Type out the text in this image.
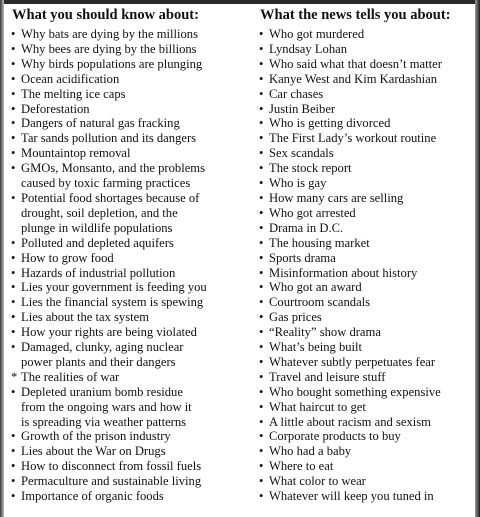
What you should know about:
• Why bats are dying by the millions
• Why bees are dying by the billions
• Why birds populations are plunging
• Ocean acidification
• The melting ice caps
• Deforestation
• Dangers of natural gas fracking
• Tar sands pollution and its dangers
• Mountaintop removal
• GMOs, Monsanto, and the problems
caused by toxic farming practices
• Potential food shortages because of
drought, soil depletion, and the
plunge in wildlife populations
• Polluted and depleted aquifers
• How to grow food
• Hazards of industrial pollution
• Lies your government is feeding you
• Lies the financial system is spewing
• Lies about the tax system
• How your rights are being violated
• Damaged, clunky, aging nuclear
power plants and their dangers
* The realities of war
• Depleted uranium bomb residue
from the ongoing wars and how it
is spreading via weather patterns
• Growth of the prison industry
• Lies about the War on Drugs
• How to disconnect from fossil fuels
• Permaculture and sustainable living
• Importance of organic foods
What the news tells you about:
• Who got murdered
• Lyndsay Lohan
• Who said what that doesn’t matter
• Kanye West and Kim Kardashian
• Car chases
• Justin Beiber
• Who is getting divorced
• The First Lady’s workout routine
• Sex scandals
• The stock report
• Who is gay
• How many cars are selling
• Who got arrested
• Drama in D.C.
• The housing market
• Sports drama
• Misinformation about history
• Who got an award
• Courtroom scandals
• Gas prices
• “Reality” show drama
• What’s being built
• Whatever subtly perpetuates fear
• Travel and leisure stuff
• Who bought something expensive
• What haircut to get
• A little about racism and sexism
• Corporate products to buy
• Who had a baby
• Where to eat
• What color to wear
• Whatever will keep you tuned in
